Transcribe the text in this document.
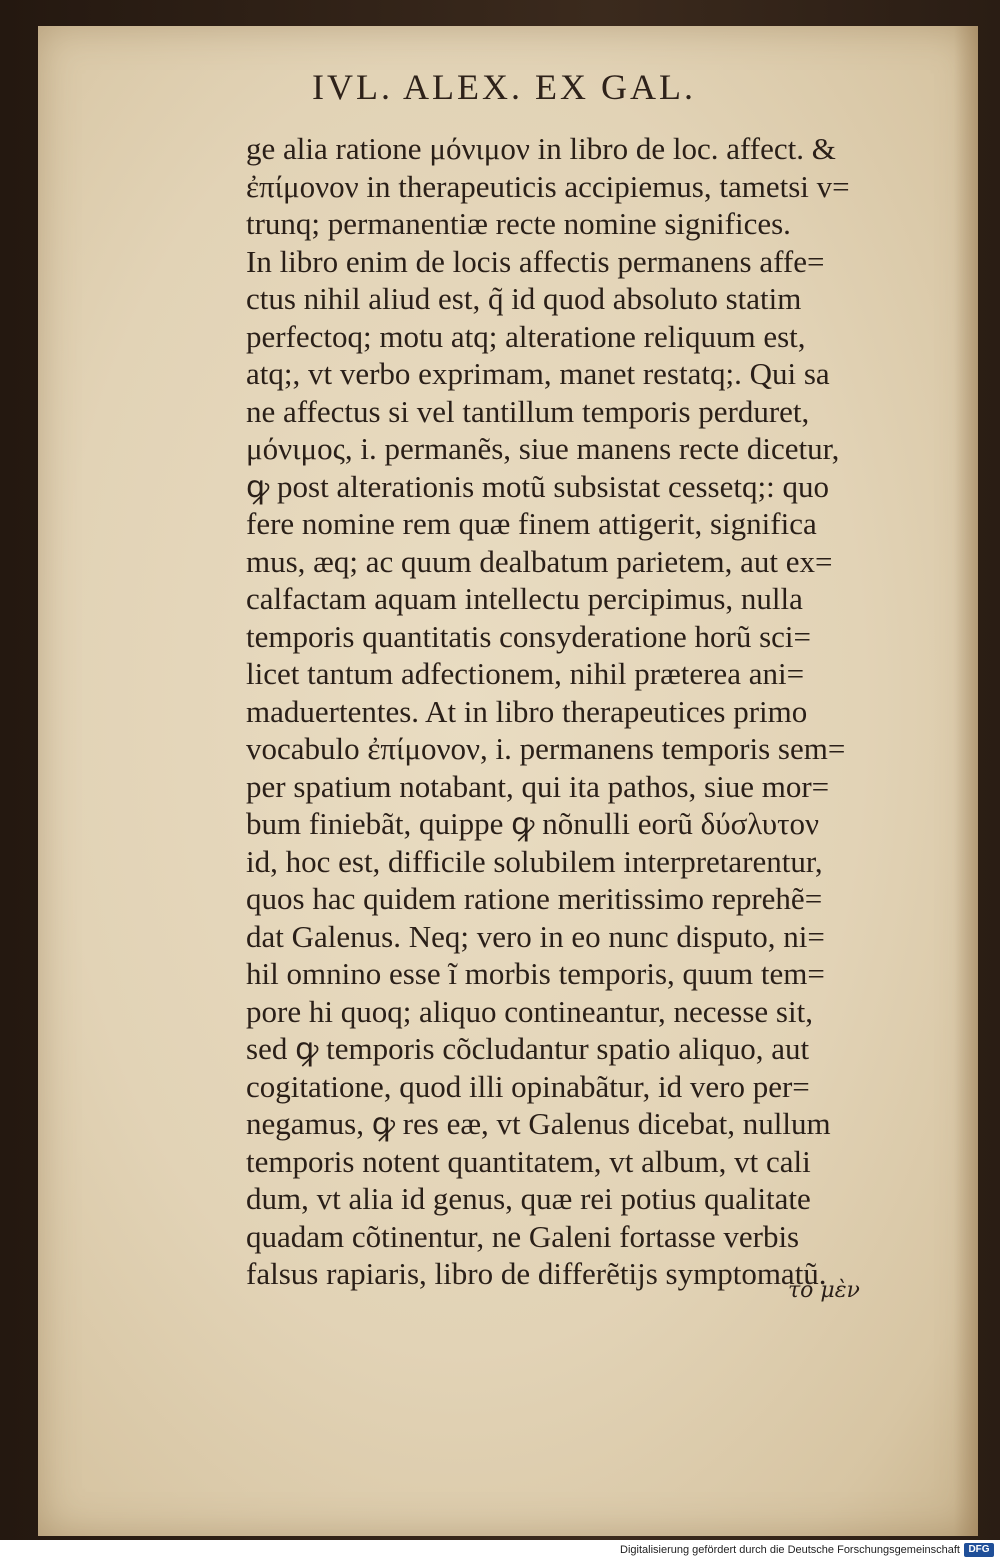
IVL. ALEX. EX GAL.
ge alia ratione μόνιμον in libro de loc. affect. &
ἐπίμονον in therapeuticis accipiemus, tametsi v=
trunq; permanentiæ recte nomine significes.
In libro enim de locis affectis permanens affe=
ctus nihil aliud est, q̃ id quod absoluto statim
perfectoq; motu atq; alteratione reliquum est,
atq;, vt verbo exprimam, manet restatq;. Qui sa
ne affectus si vel tantillum temporis perduret,
μόνιμος, i. permanẽs, siue manens recte dicetur,
ꝙ post alterationis motũ subsistat cessetq;: quo
fere nomine rem quæ finem attigerit, significa
mus, æq; ac quum dealbatum parietem, aut ex=
calfactam aquam intellectu percipimus, nulla
temporis quantitatis consyderatione horũ sci=
licet tantum adfectionem, nihil præterea ani=
maduertentes. At in libro therapeutices primo
vocabulo ἐπίμονον, i. permanens temporis sem=
per spatium notabant, qui ita pathos, siue mor=
bum finiebãt, quippe ꝙ nõnulli eorũ δύσλυτον
id, hoc est, difficile solubilem interpretarentur,
quos hac quidem ratione meritissimo reprehẽ=
dat Galenus. Neq; vero in eo nunc disputo, ni=
hil omnino esse ĩ morbis temporis, quum tem=
pore hi quoq; aliquo contineantur, necesse sit,
sed ꝙ temporis cõcludantur spatio aliquo, aut
cogitatione, quod illi opinabãtur, id vero per=
negamus, ꝙ res eæ, vt Galenus dicebat, nullum
temporis notent quantitatem, vt album, vt cali
dum, vt alia id genus, quæ rei potius qualitate
quadam cõtinentur, ne Galeni fortasse verbis
falsus rapiaris, libro de differẽtijs symptomatũ.
τὸ μὲν
Digitalisierung gefördert durch die Deutsche Forschungsgemeinschaft DFG
